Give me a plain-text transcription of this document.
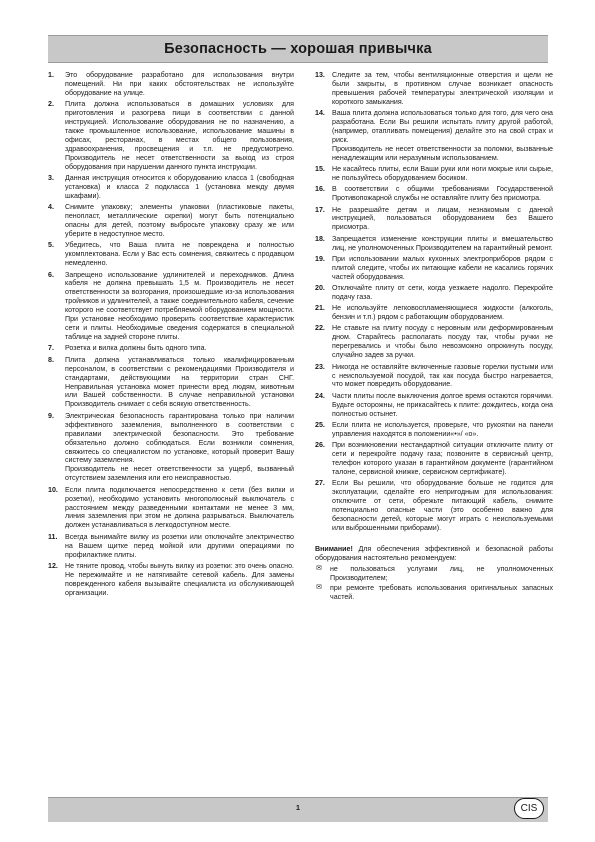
Безопасность — хорошая привычка
1. Это оборудование разработано для использования внутри помещений. Ни при каких обстоятельствах не используйте оборудование на улице.
2. Плита должна использоваться в домашних условиях для приготовления и разогрева пищи в соответствии с данной инструкцией. Использование оборудования не по назначению, а также промышленное использование, использование машины в офисах, ресторанах, в местах общего пользования, здравоохранения, просвещения и т.п. не предусмотрено. Производитель не несет ответственности за выход из строя оборудования при нарушении данного пункта инструкции.
3. Данная инструкция относится к оборудованию класса 1 (свободная установка) и класса 2 подкласса 1 (установка между двумя шкафами).
4. Снимите упаковку; элементы упаковки (пластиковые пакеты, пенопласт, металлические скрепки) могут быть потенциально опасны для детей, поэтому выбросьте упаковку сразу же или уберите в недоступное место.
5. Убедитесь, что Ваша плита не повреждена и полностью укомплектована. Если у Вас есть сомнения, свяжитесь с продавцом немедленно.
6. Запрещено использование удлинителей и переходников. Длина кабеля не должна превышать 1,5 м. Производитель не несет ответственности за возгорания, произошедшие из-за использования тройников и удлинителей, а также соединительного кабеля, сечение которого не соответствует потребляемой оборудованием мощности. При установке необходимо проверить соответствие характеристик сети и плиты. Необходимые сведения содержатся в специальной таблице на задней стороне плиты.
7. Розетка и вилка должны быть одного типа.
8. Плита должна устанавливаться только квалифицированным персоналом, в соответствии с рекомендациями Производителя и стандартами, действующими на территории стран СНГ. Неправильная установка может принести вред людям, животным или Вашей собственности. В случае неправильной установки Производитель снимает с себя всякую ответственность.
9. Электрическая безопасность гарантирована только при наличии эффективного заземления, выполненного в соответствии с правилами электрической безопасности. Это требование обязательно должно соблюдаться. Если возникли сомнения, свяжитесь со специалистом по установке, который проверит Вашу систему заземления.
Производитель не несет ответственности за ущерб, вызванный отсутствием заземления или его неисправностью.
10. Если плита подключается непосредственно к сети (без вилки и розетки), необходимо установить многополюсный выключатель с расстоянием между разведенными контактами не менее 3 мм, линия заземления при этом не должна разрываться. Выключатель должен устанавливаться в легкодоступном месте.
11. Всегда вынимайте вилку из розетки или отключайте электричество на Вашем щитке перед мойкой или другими операциями по профилактике плиты.
12. Не тяните провод, чтобы вынуть вилку из розетки: это очень опасно. Не пережимайте и не натягивайте сетевой кабель. Для замены поврежденного кабеля вызывайте специалиста из обслуживающей организации.
13. Следите за тем, чтобы вентиляционные отверстия и щели не были закрыты, в противном случае возникает опасность превышения рабочей температуры электрической изоляции и короткого замыкания.
14. Ваша плита должна использоваться только для того, для чего она разработана. Если Вы решили испытать плиту другой работой, (например, отапливать помещения) делайте это на свой страх и риск.
Производитель не несет ответственности за поломки, вызванные ненадлежащим или неразумным использованием.
15. Не касайтесь плиты, если Ваши руки или ноги мокрые или сырые, не пользуйтесь оборудованием босиком.
16. В соответствии с общими требованиями Государственной Противопожарной службы не оставляйте плиту без присмотра.
17. Не разрешайте детям и лицам, незнакомым с данной инструкцией, пользоваться оборудованием без Вашего присмотра.
18. Запрещается изменение конструкции плиты и вмешательство лиц, не уполномоченных Производителем на гарантийный ремонт.
19. При использовании малых кухонных электроприборов рядом с плитой следите, чтобы их питающие кабели не касались горячих частей оборудования.
20. Отключайте плиту от сети, когда уезжаете надолго. Перекройте подачу газа.
21. Не используйте легковоспламеняющиеся жидкости (алкоголь, бензин и т.п.) рядом с работающим оборудованием.
22. Не ставьте на плиту посуду с неровным или деформированным дном. Старайтесь располагать посуду так, чтобы ручки не перегревались и чтобы было невозможно опрокинуть посуду, случайно задев за ручки.
23. Никогда не оставляйте включенные газовые горелки пустыми или с неиспользуемой посудой, так как посуда быстро нагревается, что может повредить оборудование.
24. Части плиты после выключения долгое время остаются горячими. Будьте осторожны, не прикасайтесь к плите: дождитесь, когда она полностью остынет.
25. Если плита не используется, проверьте, что рукоятки на панели управления находятся в положении«•»/ «о».
26. При возникновении нестандартной ситуации отключите плиту от сети и перекройте подачу газа; позвоните в сервисный центр, телефон которого указан в гарантийном документе (гарантийном талоне, сервисной книжке, сервисном сертификате).
27. Если Вы решили, что оборудование больше не годится для эксплуатации, сделайте его непригодным для использования: отключите от сети, обрежьте питающий кабель, снимите потенциально опасные части (это особенно важно для безопасности детей, которые могут играть с неиспользуемыми или выброшенными приборами).
Внимание! Для обеспечения эффективной и безопасной работы оборудования настоятельно рекомендуем:
✉ не пользоваться услугами лиц, не уполномоченных Производителем;
✉ при ремонте требовать использования оригинальных запасных частей.
1	CIS
